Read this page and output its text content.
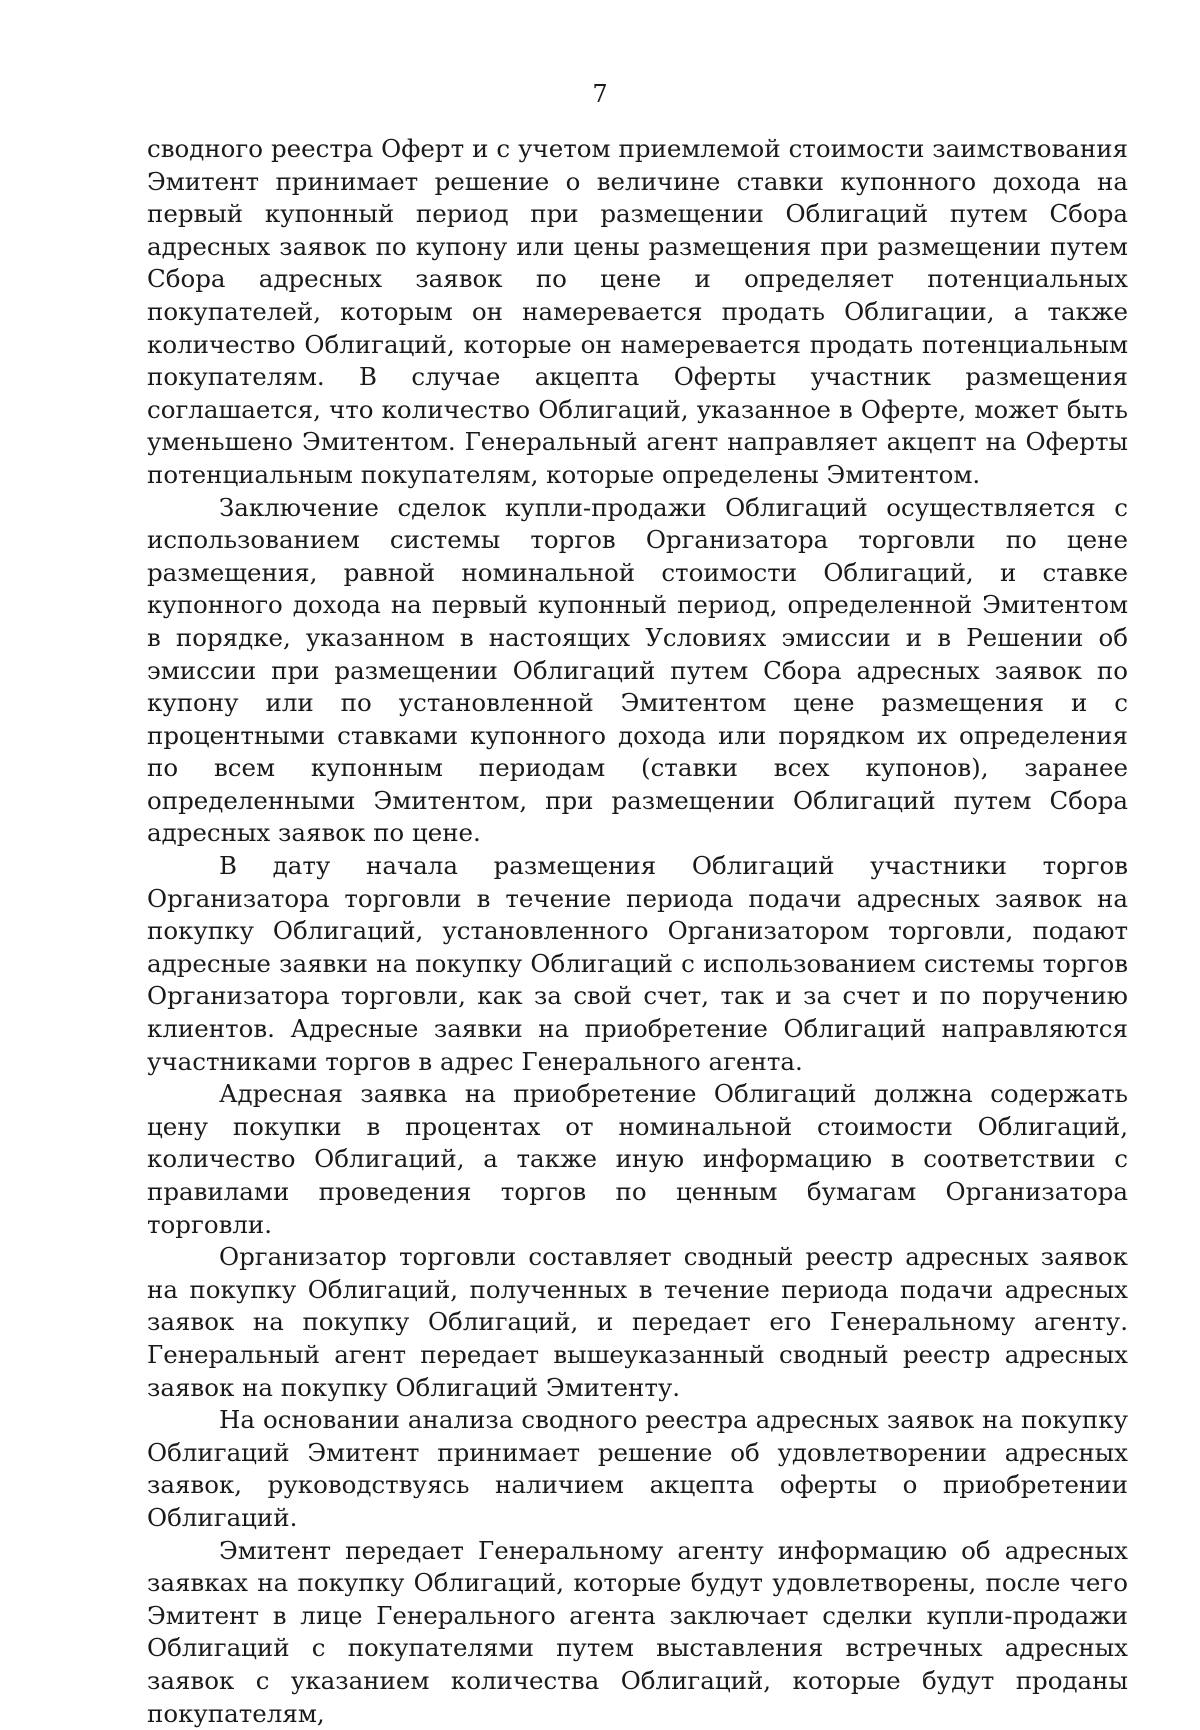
7

сводного реестра Оферт и с учетом приемлемой стоимости заимствования Эмитент принимает решение о величине ставки купонного дохода на первый купонный период при размещении Облигаций путем Сбора адресных заявок по купону или цены размещения при размещении путем Сбора адресных заявок по цене и определяет потенциальных покупателей, которым он намеревается продать Облигации, а также количество Облигаций, которые он намеревается продать потенциальным покупателям. В случае акцепта Оферты участник размещения соглашается, что количество Облигаций, указанное в Оферте, может быть уменьшено Эмитентом. Генеральный агент направляет акцепт на Оферты потенциальным покупателям, которые определены Эмитентом.

Заключение сделок купли-продажи Облигаций осуществляется с использованием системы торгов Организатора торговли по цене размещения, равной номинальной стоимости Облигаций, и ставке купонного дохода на первый купонный период, определенной Эмитентом в порядке, указанном в настоящих Условиях эмиссии и в Решении об эмиссии при размещении Облигаций путем Сбора адресных заявок по купону или по установленной Эмитентом цене размещения и с процентными ставками купонного дохода или порядком их определения по всем купонным периодам (ставки всех купонов), заранее определенными Эмитентом, при размещении Облигаций путем Сбора адресных заявок по цене.

В дату начала размещения Облигаций участники торгов Организатора торговли в течение периода подачи адресных заявок на покупку Облигаций, установленного Организатором торговли, подают адресные заявки на покупку Облигаций с использованием системы торгов Организатора торговли, как за свой счет, так и за счет и по поручению клиентов. Адресные заявки на приобретение Облигаций направляются участниками торгов в адрес Генерального агента.

Адресная заявка на приобретение Облигаций должна содержать цену покупки в процентах от номинальной стоимости Облигаций, количество Облигаций, а также иную информацию в соответствии с правилами проведения торгов по ценным бумагам Организатора торговли.

Организатор торговли составляет сводный реестр адресных заявок на покупку Облигаций, полученных в течение периода подачи адресных заявок на покупку Облигаций, и передает его Генеральному агенту. Генеральный агент передает вышеуказанный сводный реестр адресных заявок на покупку Облигаций Эмитенту.

На основании анализа сводного реестра адресных заявок на покупку Облигаций Эмитент принимает решение об удовлетворении адресных заявок, руководствуясь наличием акцепта оферты о приобретении Облигаций.

Эмитент передает Генеральному агенту информацию об адресных заявках на покупку Облигаций, которые будут удовлетворены, после чего Эмитент в лице Генерального агента заключает сделки купли-продажи Облигаций с покупателями путем выставления встречных адресных заявок с указанием количества Облигаций, которые будут проданы покупателям,
